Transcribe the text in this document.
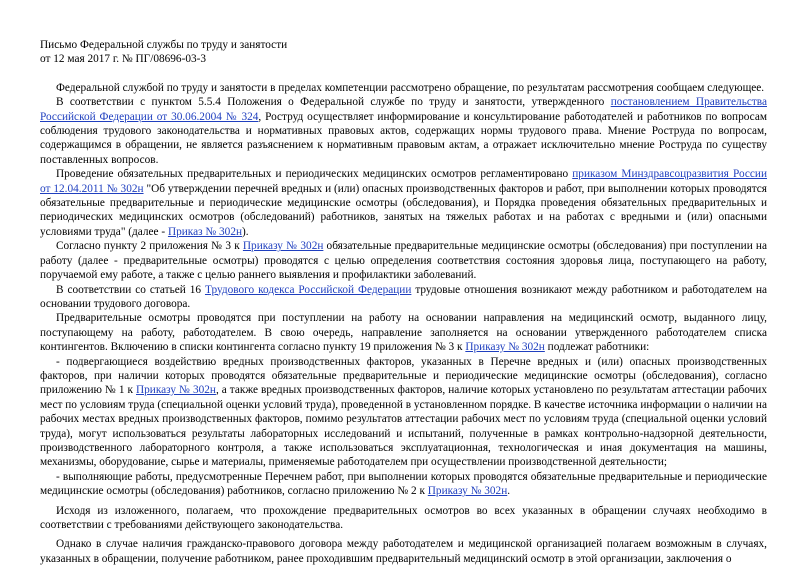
Письмо Федеральной службы по труду и занятости
от 12 мая 2017 г. № ПГ/08696-03-3

Федеральной службой по труду и занятости в пределах компетенции рассмотрено обращение, по результатам рассмотрения сообщаем следующее.

В соответствии с пунктом 5.5.4 Положения о Федеральной службе по труду и занятости, утвержденного постановлением Правительства Российской Федерации от 30.06.2004 № 324, Роструд осуществляет информирование и консультирование работодателей и работников по вопросам соблюдения трудового законодательства и нормативных правовых актов, содержащих нормы трудового права. Мнение Роструда по вопросам, содержащимся в обращении, не является разъяснением к нормативным правовым актам, а отражает исключительно мнение Роструда по существу поставленных вопросов.

Проведение обязательных предварительных и периодических медицинских осмотров регламентировано приказом Минздравсоцразвития России от 12.04.2011 № 302н "Об утверждении перечней вредных и (или) опасных производственных факторов и работ, при выполнении которых проводятся обязательные предварительные и периодические медицинские осмотры (обследования), и Порядка проведения обязательных предварительных и периодических медицинских осмотров (обследований) работников, занятых на тяжелых работах и на работах с вредными и (или) опасными условиями труда" (далее - Приказ № 302н).

Согласно пункту 2 приложения № 3 к Приказу № 302н обязательные предварительные медицинские осмотры (обследования) при поступлении на работу (далее - предварительные осмотры) проводятся с целью определения соответствия состояния здоровья лица, поступающего на работу, поручаемой ему работе, а также с целью раннего выявления и профилактики заболеваний.

В соответствии со статьей 16 Трудового кодекса Российской Федерации трудовые отношения возникают между работником и работодателем на основании трудового договора.

Предварительные осмотры проводятся при поступлении на работу на основании направления на медицинский осмотр, выданного лицу, поступающему на работу, работодателем. В свою очередь, направление заполняется на основании утвержденного работодателем списка контингентов. Включению в списки контингента согласно пункту 19 приложения № 3 к Приказу № 302н подлежат работники:

- подвергающиеся воздействию вредных производственных факторов, указанных в Перечне вредных и (или) опасных производственных факторов, при наличии которых проводятся обязательные предварительные и периодические медицинские осмотры (обследования), согласно приложению № 1 к Приказу № 302н, а также вредных производственных факторов, наличие которых установлено по результатам аттестации рабочих мест по условиям труда (специальной оценки условий труда), проведенной в установленном порядке. В качестве источника информации о наличии на рабочих местах вредных производственных факторов, помимо результатов аттестации рабочих мест по условиям труда (специальной оценки условий труда), могут использоваться результаты лабораторных исследований и испытаний, полученные в рамках контрольно-надзорной деятельности, производственного лабораторного контроля, а также использоваться эксплуатационная, технологическая и иная документация на машины, механизмы, оборудование, сырье и материалы, применяемые работодателем при осуществлении производственной деятельности;

- выполняющие работы, предусмотренные Перечнем работ, при выполнении которых проводятся обязательные предварительные и периодические медицинские осмотры (обследования) работников, согласно приложению № 2 к Приказу № 302н.

Исходя из изложенного, полагаем, что прохождение предварительных осмотров во всех указанных в обращении случаях необходимо в соответствии с требованиями действующего законодательства.

Однако в случае наличия гражданско-правового договора между работодателем и медицинской организацией полагаем возможным в случаях, указанных в обращении, получение работником, ранее проходившим предварительный медицинский осмотр в этой организации, заключения о
